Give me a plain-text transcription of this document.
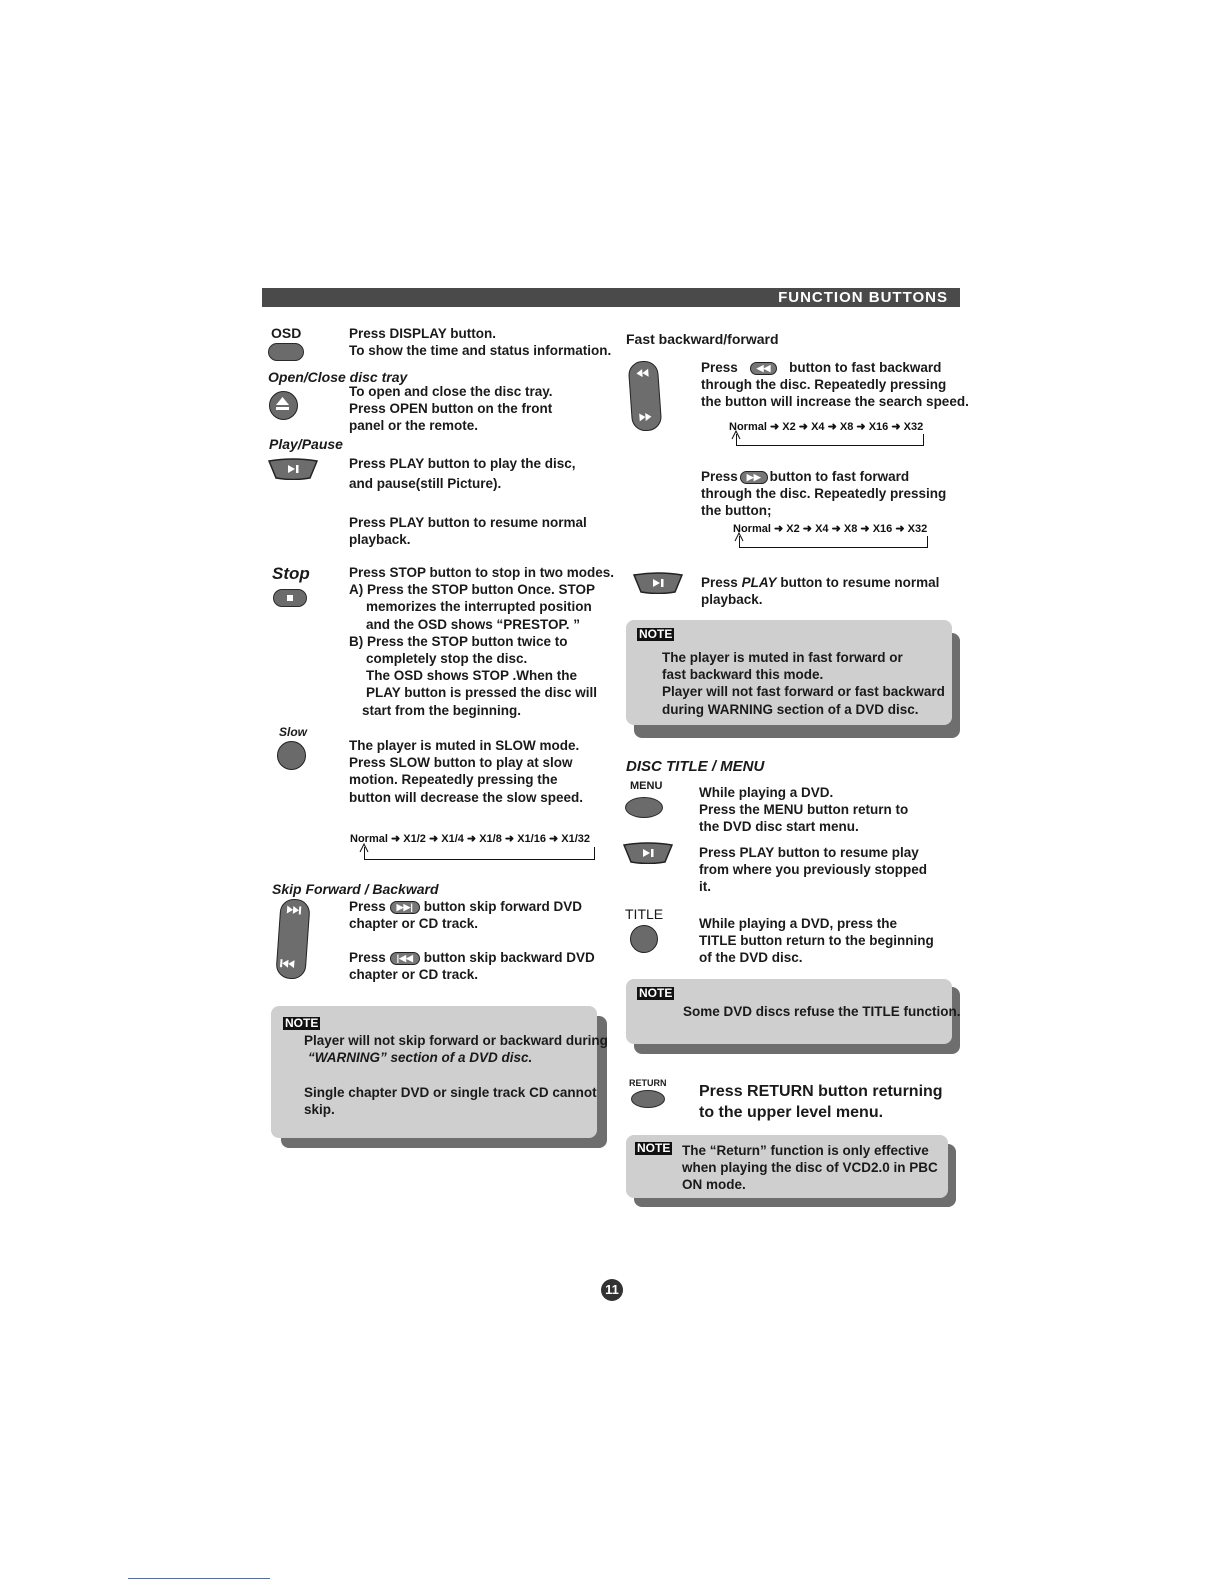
FUNCTION BUTTONS
OSD	Press DISPLAY button.
To show the time and status information.
Open/Close disc tray
To open and close the disc tray.
Press OPEN button on the front
panel or the remote.
Play/Pause
Press PLAY button to play the disc,
and pause(still Picture).
Press PLAY button to resume normal
playback.
Stop	Press STOP button to stop in two modes.
A) Press the STOP button Once. STOP
memorizes the interrupted position
and the OSD shows “PRESTOP. ”
B) Press the STOP button twice to
completely stop the disc.
The OSD shows STOP .When the
PLAY button is pressed the disc will
start from the beginning.
Slow
The player is muted in SLOW mode.
Press SLOW button to play at slow
motion. Repeatedly pressing the
button will decrease the slow speed.
Normal ➜ X1/2 ➜ X1/4 ➜ X1/8 ➜ X1/16 ➜ X1/32
Skip Forward / Backward
Press ▶▶| button skip forward DVD
chapter or CD track.
Press |◀◀ button skip backward DVD
chapter or CD track.
NOTE
Player will not skip forward or backward during
“WARNING” section of a DVD disc.

Single chapter DVD or single track CD cannot
skip.
Fast backward/forward
Press ◀◀ button to fast backward
through the disc. Repeatedly pressing
the button will increase the search speed.
Normal ➜ X2 ➜ X4 ➜ X8 ➜ X16 ➜ X32
Press ▶▶ button to fast forward
through the disc. Repeatedly pressing
the button;
Normal ➜ X2 ➜ X4 ➜ X8 ➜ X16 ➜ X32
Press PLAY button to resume normal
playback.
NOTE
The player is muted in fast forward or
fast backward this mode.
Player will not fast forward or fast backward
during WARNING section of a DVD disc.
DISC TITLE / MENU
MENU	While playing a DVD.
Press the MENU button return to
the DVD disc start menu.
Press PLAY button to resume play
from where you previously stopped
it.
TITLE
While playing a DVD, press the
TITLE button return to the beginning
of the DVD disc.
NOTE
Some DVD discs refuse the TITLE function.
RETURN Press RETURN button returning
to the upper level menu.
NOTE The “Return” function is only effective
when playing the disc of VCD2.0 in PBC
ON mode.
11
